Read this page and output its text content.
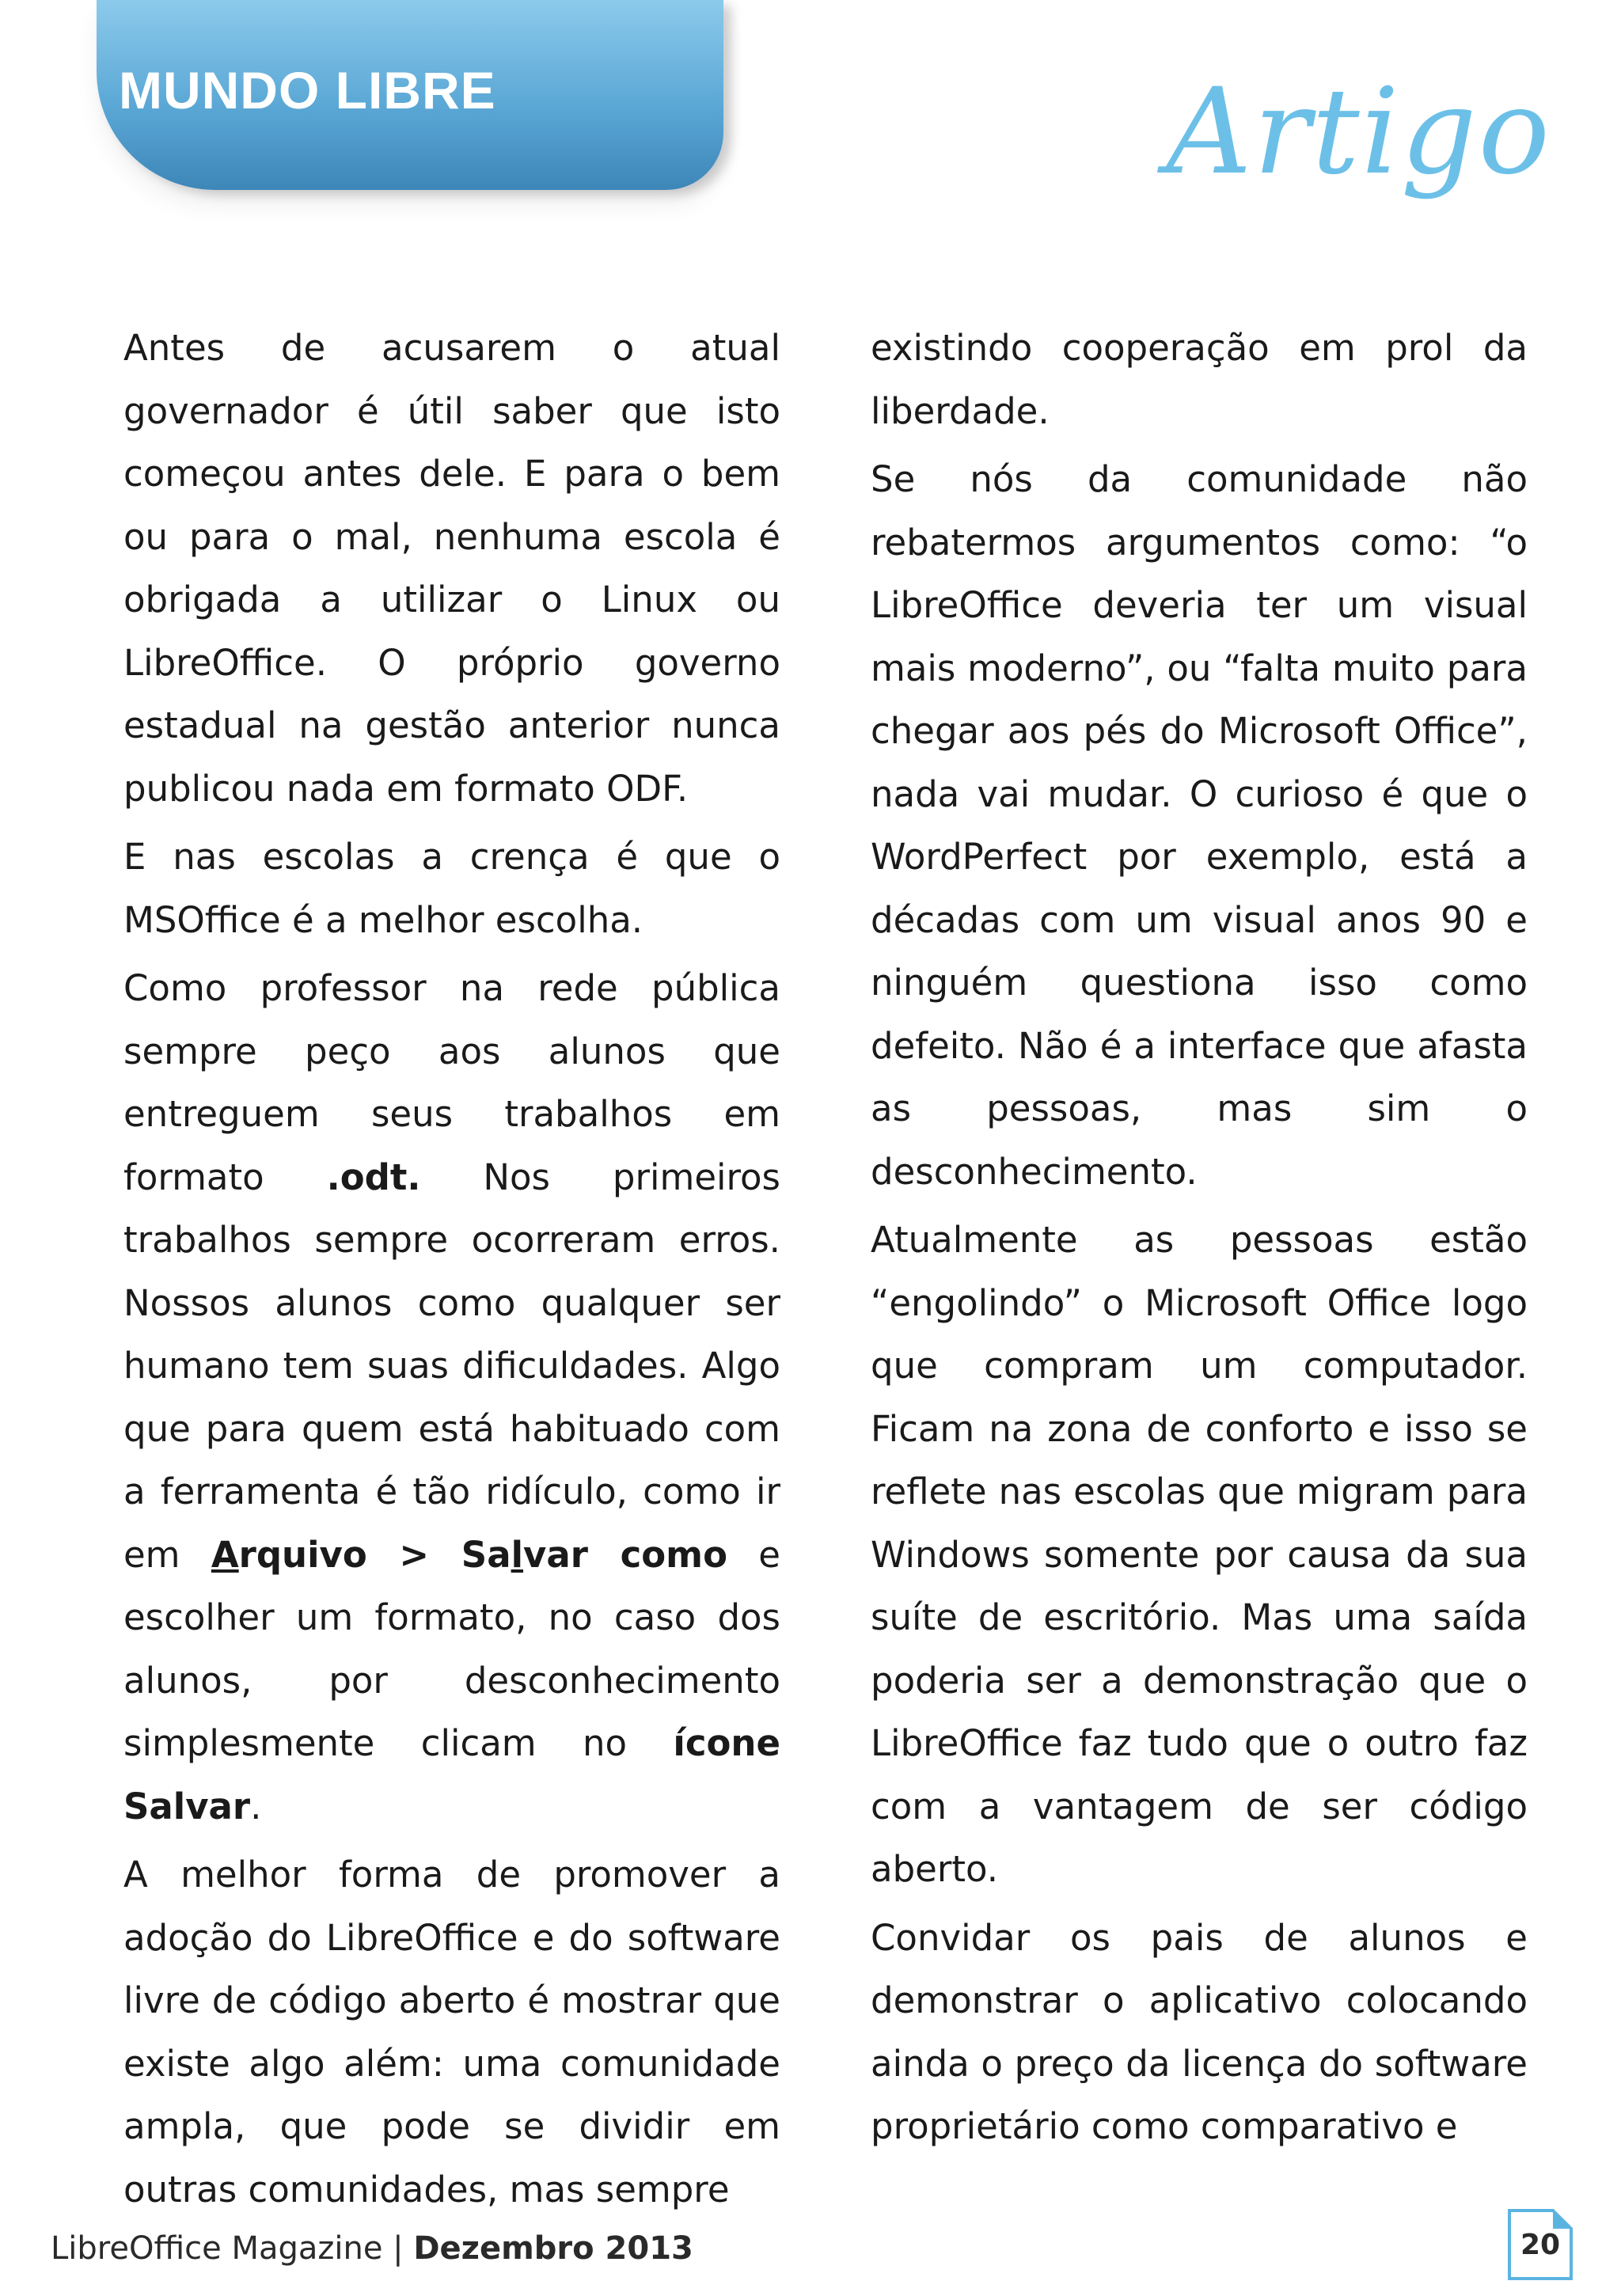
MUNDO LIBRE	Artigo

Antes de acusarem o atual governador é útil saber que isto começou antes dele. E para o bem ou para o mal, nenhuma escola é obrigada a utilizar o Linux ou LibreOffice. O próprio governo estadual na gestão anterior nunca publicou nada em formato ODF.

E nas escolas a crença é que o MSOffice é a melhor escolha.

Como professor na rede pública sempre peço aos alunos que entreguem seus trabalhos em formato .odt. Nos primeiros trabalhos sempre ocorreram erros. Nossos alunos como qualquer ser humano tem suas dificuldades. Algo que para quem está habituado com a ferramenta é tão ridículo, como ir em Arquivo > Salvar como e escolher um formato, no caso dos alunos, por desconhecimento simplesmente clicam no ícone Salvar.

A melhor forma de promover a adoção do LibreOffice e do software livre de código aberto é mostrar que existe algo além: uma comunidade ampla, que pode se dividir em outras comunidades, mas sempre

existindo cooperação em prol da liberdade.

Se nós da comunidade não rebatermos argumentos como: “o LibreOffice deveria ter um visual mais moderno”, ou “falta muito para chegar aos pés do Microsoft Office”, nada vai mudar. O curioso é que o WordPerfect por exemplo, está a décadas com um visual anos 90 e ninguém questiona isso como defeito. Não é a interface que afasta as pessoas, mas sim o desconhecimento.

Atualmente as pessoas estão “engolindo” o Microsoft Office logo que compram um computador. Ficam na zona de conforto e isso se reflete nas escolas que migram para Windows somente por causa da sua suíte de escritório. Mas uma saída poderia ser a demonstração que o LibreOffice faz tudo que o outro faz com a vantagem de ser código aberto.

Convidar os pais de alunos e demonstrar o aplicativo colocando ainda o preço da licença do software proprietário como comparativo e

LibreOffice Magazine | Dezembro 2013	20
